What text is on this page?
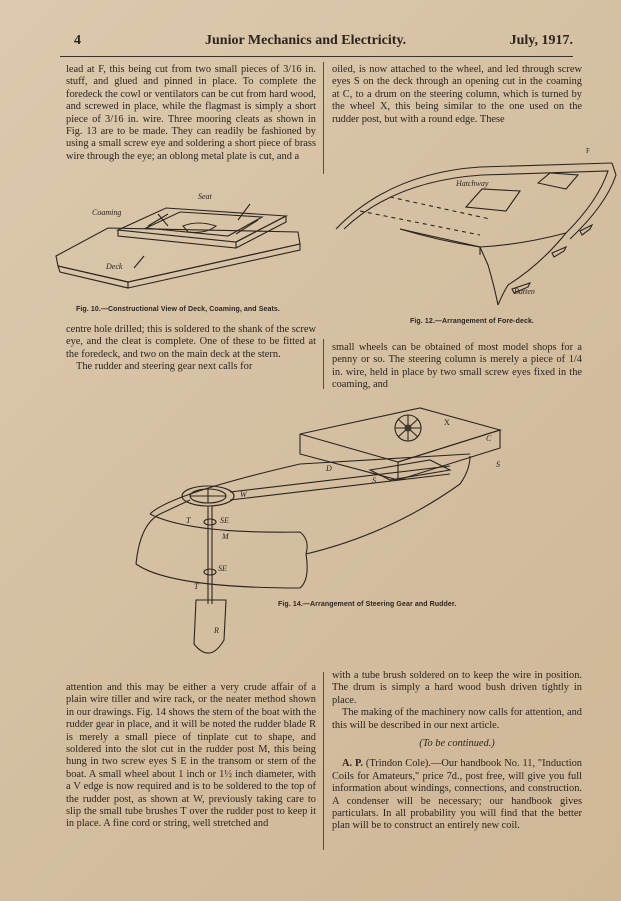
4	Junior Mechanics and Electricity.	July, 1917.

lead at F, this being cut from two small pieces of 3/16 in. stuff, and glued and pinned in place. To complete the foredeck the cowl or ventilators can be cut from hard wood, and screwed in place, while the flagmast is simply a short piece of 3/16 in. wire. Three mooring cleats as shown in Fig. 13 are to be made. They can readily be fashioned by using a small screw eye and soldering a short piece of brass wire through the eye; an oblong metal plate is cut, and a

oiled, is now attached to the wheel, and led through screw eyes S on the deck through an opening cut in the coaming at C, to a drum on the steering column, which is turned by the wheel X, this being similar to the one used on the rudder post, but with a round edge. These

Seat
Coaming
Deck
Fig. 10.—Constructional View of Deck, Coaming, and Seats.
Hatchway
Batten
F
Fig. 12.—Arrangement of Fore-deck.

centre hole drilled; this is soldered to the shank of the screw eye, and the cleat is complete. One of these to be fitted at the foredeck, and two on the main deck at the stern.

The rudder and steering gear next calls for

small wheels can be obtained of most model shops for a penny or so. The steering column is merely a piece of 1/4 in. wire, held in place by two small screw eyes fixed in the coaming, and

X
C
D
S
S
W
T	SE
M
SE
T
R
Fig. 14.—Arrangement of Steering Gear and Rudder.

attention and this may be either a very crude affair of a plain wire tiller and wire rack, or the neater method shown in our drawings. Fig. 14 shows the stern of the boat with the rudder gear in place, and it will be noted the rudder blade R is merely a small piece of tinplate cut to shape, and soldered into the slot cut in the rudder post M, this being hung in two screw eyes S E in the transom or stern of the boat. A small wheel about 1 inch or 1½ inch diameter, with a V edge is now required and is to be soldered to the top of the rudder post, as shown at W, previously taking care to slip the small tube brushes T over the rudder post to keep it in place. A fine cord or string, well stretched and

with a tube brush soldered on to keep the wire in position. The drum is simply a hard wood bush driven tightly in place.

The making of the machinery now calls for attention, and this will be described in our next article.

(To be continued.)

A. P. (Trindon Cole).—Our handbook No. 11, "Induction Coils for Amateurs," price 7d., post free, will give you full information about windings, connections, and construction. A condenser will be necessary; our handbook gives particulars. In all probability you will find that the better plan will be to construct an entirely new coil.
